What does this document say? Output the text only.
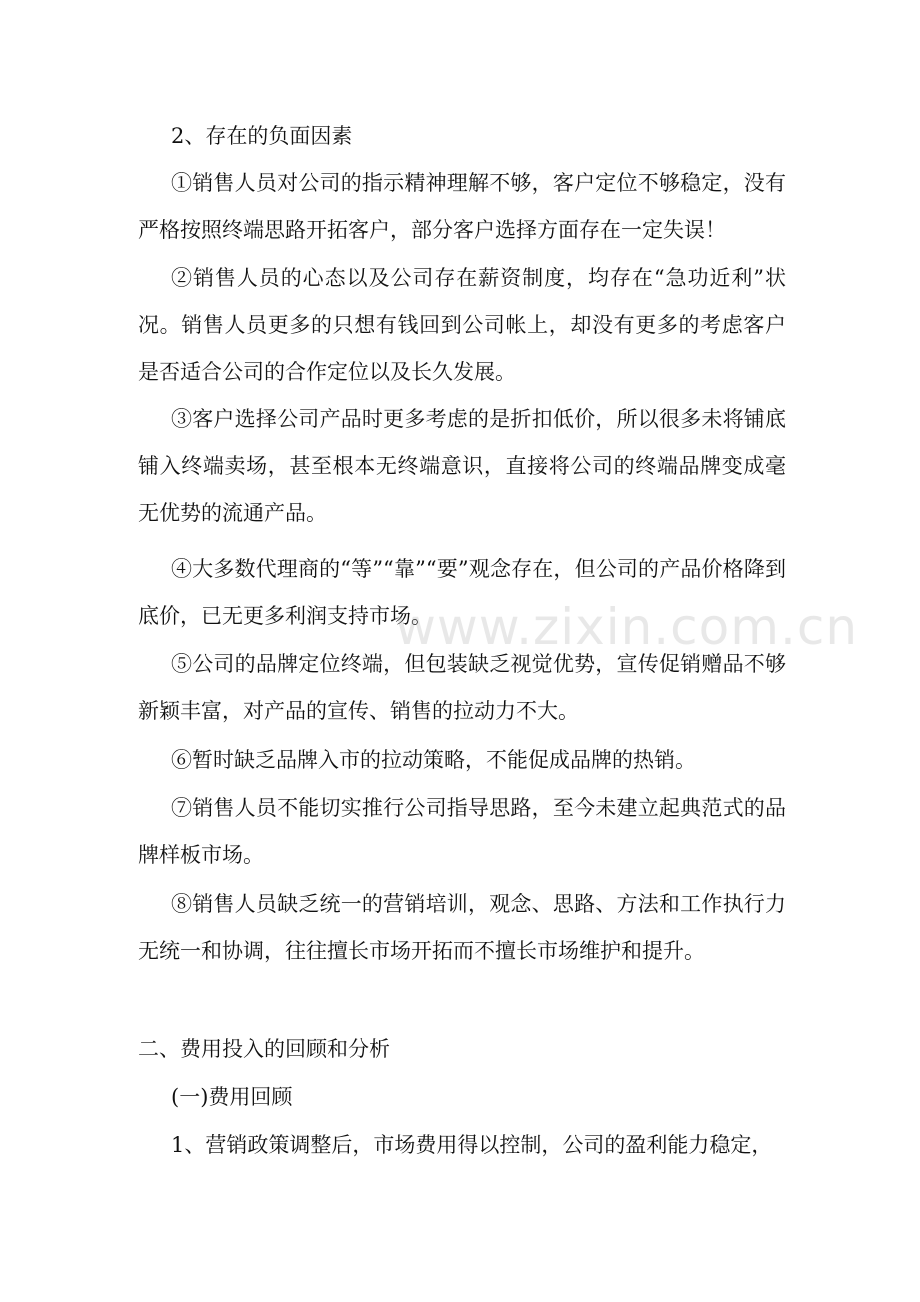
2、存在的负面因素

①销售人员对公司的指示精神理解不够，客户定位不够稳定，没有严格按照终端思路开拓客户，部分客户选择方面存在一定失误！

②销售人员的心态以及公司存在薪资制度，均存在“急功近利”状况。销售人员更多的只想有钱回到公司帐上，却没有更多的考虑客户是否适合公司的合作定位以及长久发展。

③客户选择公司产品时更多考虑的是折扣低价，所以很多未将铺底铺入终端卖场，甚至根本无终端意识，直接将公司的终端品牌变成毫无优势的流通产品。

④大多数代理商的“等”“靠”“要”观念存在，但公司的产品价格降到底价，已无更多利润支持市场。

⑤公司的品牌定位终端，但包装缺乏视觉优势，宣传促销赠品不够新颖丰富，对产品的宣传、销售的拉动力不大。

⑥暂时缺乏品牌入市的拉动策略，不能促成品牌的热销。

⑦销售人员不能切实推行公司指导思路，至今未建立起典范式的品牌样板市场。

⑧销售人员缺乏统一的营销培训，观念、思路、方法和工作执行力无统一和协调，往往擅长市场开拓而不擅长市场维护和提升。

二、费用投入的回顾和分析

(一)费用回顾

1、营销政策调整后，市场费用得以控制，公司的盈利能力稳定，

www.zixin.com.cn
